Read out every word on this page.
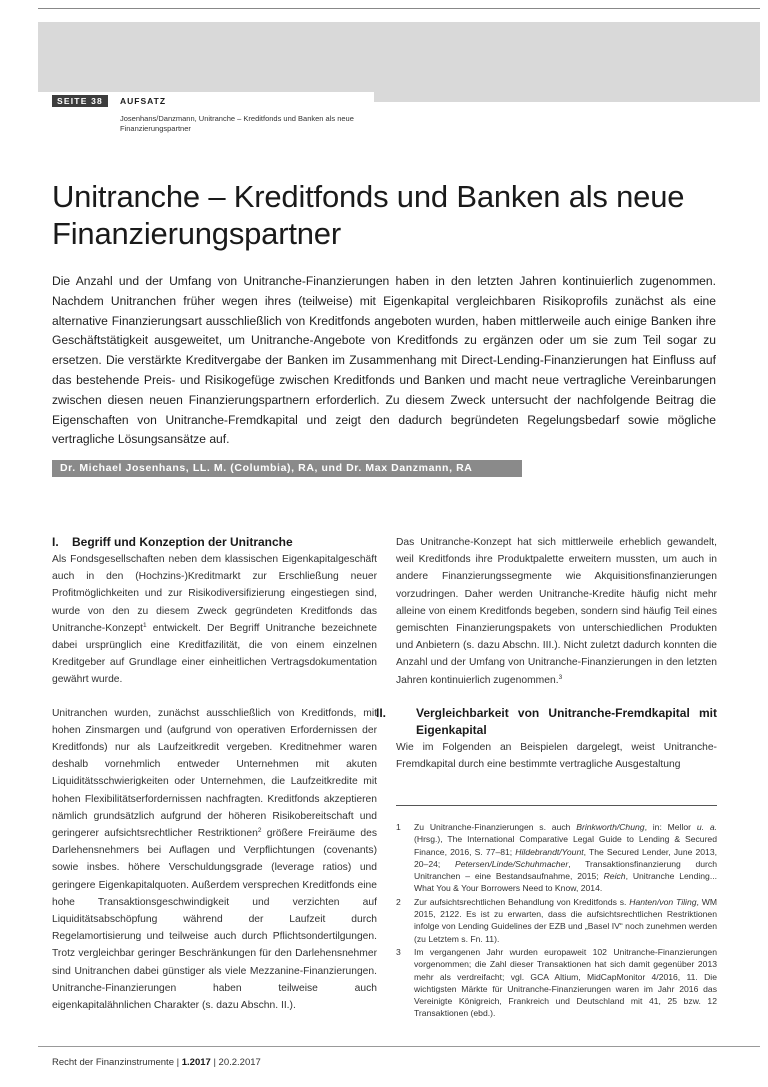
SEITE 38	AUFSATZ
Josenhans/Danzmann, Unitranche – Kreditfonds und Banken als neue Finanzierungspartner
Unitranche – Kreditfonds und Banken als neue Finanzierungspartner

Die Anzahl und der Umfang von Unitranche-Finanzierungen haben in den letzten Jahren kontinuierlich zugenommen. Nachdem Unitranchen früher wegen ihres (teilweise) mit Eigenkapital vergleichbaren Risikoprofils zunächst als eine alternative Finanzierungsart ausschließlich von Kreditfonds angeboten wurden, haben mittlerweile auch einige Banken ihre Geschäftstätigkeit ausgeweitet, um Unitranche-Angebote von Kreditfonds zu ergänzen oder um sie zum Teil sogar zu ersetzen. Die verstärkte Kreditvergabe der Banken im Zusammenhang mit Direct-Lending-Finanzierungen hat Einfluss auf das bestehende Preis- und Risikogefüge zwischen Kreditfonds und Banken und macht neue vertragliche Vereinbarungen zwischen diesen neuen Finanzierungspartnern erforderlich. Zu diesem Zweck untersucht der nachfolgende Beitrag die Eigenschaften von Unitranche-Fremdkapital und zeigt den dadurch begründeten Regelungsbedarf sowie mögliche vertragliche Lösungsansätze auf.

Dr. Michael Josenhans, LL. M. (Columbia), RA, und Dr. Max Danzmann, RA
I. Begriff und Konzeption der Unitranche

Als Fondsgesellschaften neben dem klassischen Eigenkapitalgeschäft auch in den (Hochzins-)Kreditmarkt zur Erschließung neuer Profitmöglichkeiten und zur Risikodiversifizierung eingestiegen sind, wurde von den zu diesem Zweck gegründeten Kreditfonds das Unitranche-Konzept$^1$ entwickelt. Der Begriff Unitranche bezeichnete dabei ursprünglich eine Kreditfazilität, die von einem einzelnen Kreditgeber auf Grundlage einer einheitlichen Vertragsdokumentation gewährt wurde.

Unitranchen wurden, zunächst ausschließlich von Kreditfonds, mit hohen Zinsmargen und (aufgrund von operativen Erfordernissen der Kreditfonds) nur als Laufzeitkredit vergeben. Kreditnehmer waren deshalb vornehmlich entweder Unternehmen mit akuten Liquiditätsschwierigkeiten oder Unternehmen, die Laufzeitkredite mit hohen Flexibilitätserfordernissen nachfragten. Kreditfonds akzeptieren nämlich grundsätzlich aufgrund der höheren Risikobereitschaft und geringerer aufsichtsrechtlicher Restriktionen$^2$ größere Freiräume des Darlehensnehmers bei Auflagen und Verpflichtungen (covenants) sowie insbes. höhere Verschuldungsgrade (leverage ratios) und geringere Eigenkapitalquoten. Außerdem versprechen Kreditfonds eine hohe Transaktionsgeschwindigkeit und verzichten auf Liquiditätsabschöpfung während der Laufzeit durch Regelamortisierung und teilweise auch durch Pflichtsondertilgungen. Trotz vergleichbar geringer Beschränkungen für den Darlehensnehmer sind Unitranchen dabei günstiger als viele Mezzanine-Finanzierungen. Unitranche-Finanzierungen haben teilweise auch eigenkapitalähnlichen Charakter (s. dazu Abschn. II.).

Das Unitranche-Konzept hat sich mittlerweile erheblich gewandelt, weil Kreditfonds ihre Produktpalette erweitern mussten, um auch in andere Finanzierungssegmente wie Akquisitionsfinanzierungen vorzudringen. Daher werden Unitranche-Kredite häufig nicht mehr alleine von einem Kreditfonds begeben, sondern sind häufig Teil eines gemischten Finanzierungspakets von unterschiedlichen Produkten und Anbietern (s. dazu Abschn. III.). Nicht zuletzt dadurch konnten die Anzahl und der Umfang von Unitranche-Finanzierungen in den letzten Jahren kontinuierlich zugenommen.$^3$

II. Vergleichbarkeit von Unitranche-Fremdkapital mit Eigenkapital

Wie im Folgenden an Beispielen dargelegt, weist Unitranche-Fremdkapital durch eine bestimmte vertragliche Ausgestaltung

1	Zu Unitranche-Finanzierungen s. auch Brinkworth/Chung, in: Mellor u. a. (Hrsg.), The International Comparative Legal Guide to Lending & Secured Finance, 2016, S. 77–81; Hildebrandt/Yount, The Secured Lender, June 2013, 20–24; Petersen/Linde/Schuhmacher, Transaktionsfinanzierung durch Unitranchen – eine Bestandsaufnahme, 2015; Reich, Unitranche Lending... What You & Your Borrowers Need to Know, 2014.
2	Zur aufsichtsrechtlichen Behandlung von Kreditfonds s. Hanten/von Tiling, WM 2015, 2122. Es ist zu erwarten, dass die aufsichtsrechtlichen Restriktionen infolge von Lending Guidelines der EZB und „Basel IV“ noch zunehmen werden (zu Letztem s. Fn. 11).
3	Im vergangenen Jahr wurden europaweit 102 Unitranche-Finanzierungen vorgenommen; die Zahl dieser Transaktionen hat sich damit gegenüber 2013 mehr als verdreifacht; vgl. GCA Altium, MidCapMonitor 4/2016, 11. Die wichtigsten Märkte für Unitranche-Finanzierungen waren im Jahr 2016 das Vereinigte Königreich, Frankreich und Deutschland mit 41, 25 bzw. 12 Transaktionen (ebd.).
Recht der Finanzinstrumente | 1.2017 | 20.2.2017
